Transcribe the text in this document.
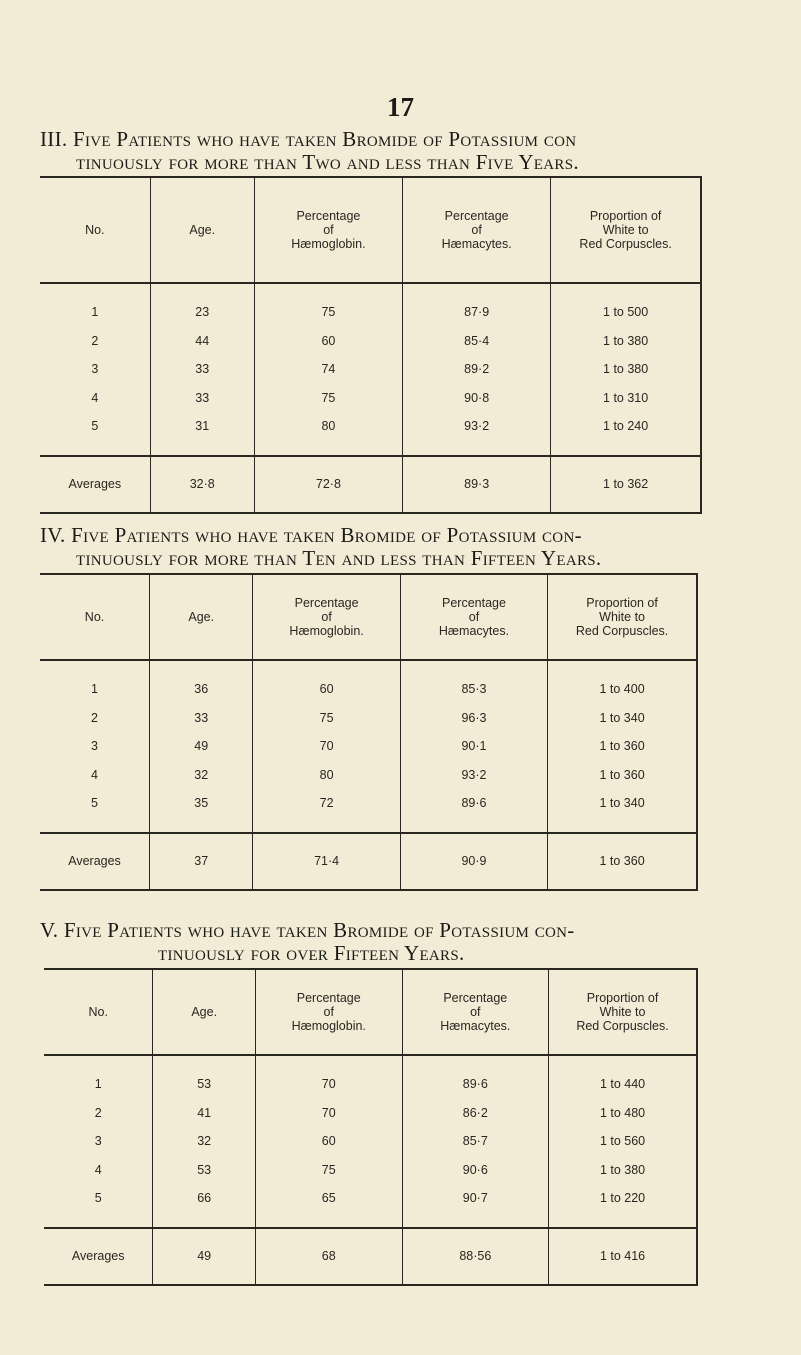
17
III. Five Patients who have taken Bromide of Potassium con
tinuously for more than Two and less than Five Years.
No.	Age.	Percentage
of
Hæmoglobin.	Percentage
of
Hæmacytes.	Proportion of
White to
Red Corpuscles.
1	23	75	87·9	1 to 500
2	44	60	85·4	1 to 380
3	33	74	89·2	1 to 380
4	33	75	90·8	1 to 310
5	31	80	93·2	1 to 240
Averages	32·8	72·8	89·3	1 to 362
IV. Five Patients who have taken Bromide of Potassium con-
tinuously for more than Ten and less than Fifteen Years.
No.	Age.	Percentage
of
Hæmoglobin.	Percentage
of
Hæmacytes.	Proportion of
White to
Red Corpuscles.
1	36	60	85·3	1 to 400
2	33	75	96·3	1 to 340
3	49	70	90·1	1 to 360
4	32	80	93·2	1 to 360
5	35	72	89·6	1 to 340
Averages	37	71·4	90·9	1 to 360
V. Five Patients who have taken Bromide of Potassium con-
tinuously for over Fifteen Years.
No.	Age.	Percentage
of
Hæmoglobin.	Percentage
of
Hæmacytes.	Proportion of
White to
Red Corpuscles.
1	53	70	89·6	1 to 440
2	41	70	86·2	1 to 480
3	32	60	85·7	1 to 560
4	53	75	90·6	1 to 380
5	66	65	90·7	1 to 220
Averages	49	68	88·56	1 to 416
